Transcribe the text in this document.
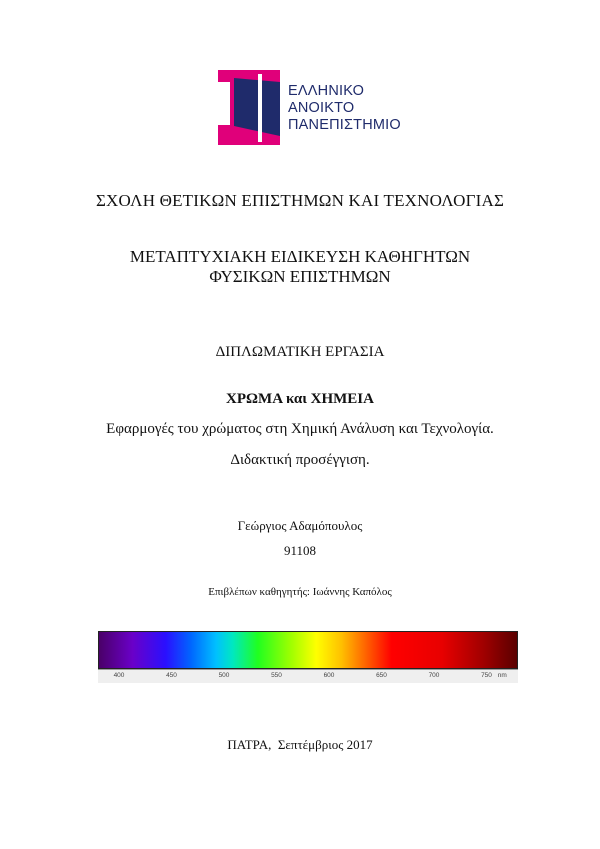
ΕΛΛΗΝΙΚΟ
ΑΝΟΙΚΤΟ
ΠΑΝΕΠΙΣΤΗΜΙΟ
ΣΧΟΛΗ ΘΕΤΙΚΩΝ ΕΠΙΣΤΗΜΩΝ ΚΑΙ ΤΕΧΝΟΛΟΓΙΑΣ
ΜΕΤΑΠΤΥΧΙΑΚΗ ΕΙΔΙΚΕΥΣΗ ΚΑΘΗΓΗΤΩΝ
ΦΥΣΙΚΩΝ ΕΠΙΣΤΗΜΩΝ
ΔΙΠΛΩΜΑΤΙΚΗ ΕΡΓΑΣΙΑ
ΧΡΩΜΑ και ΧΗΜΕΙΑ
Εφαρμογές του χρώματος στη Χημική Ανάλυση και Τεχνολογία.
Διδακτική προσέγγιση.
Γεώργιος Αδαμόπουλος
91108
Επιβλέπων καθηγητής: Ιωάννης Καπόλος
400	450	500	550	600	650	700	750 nm
ΠΑΤΡΑ,  Σεπτέμβριος 2017
